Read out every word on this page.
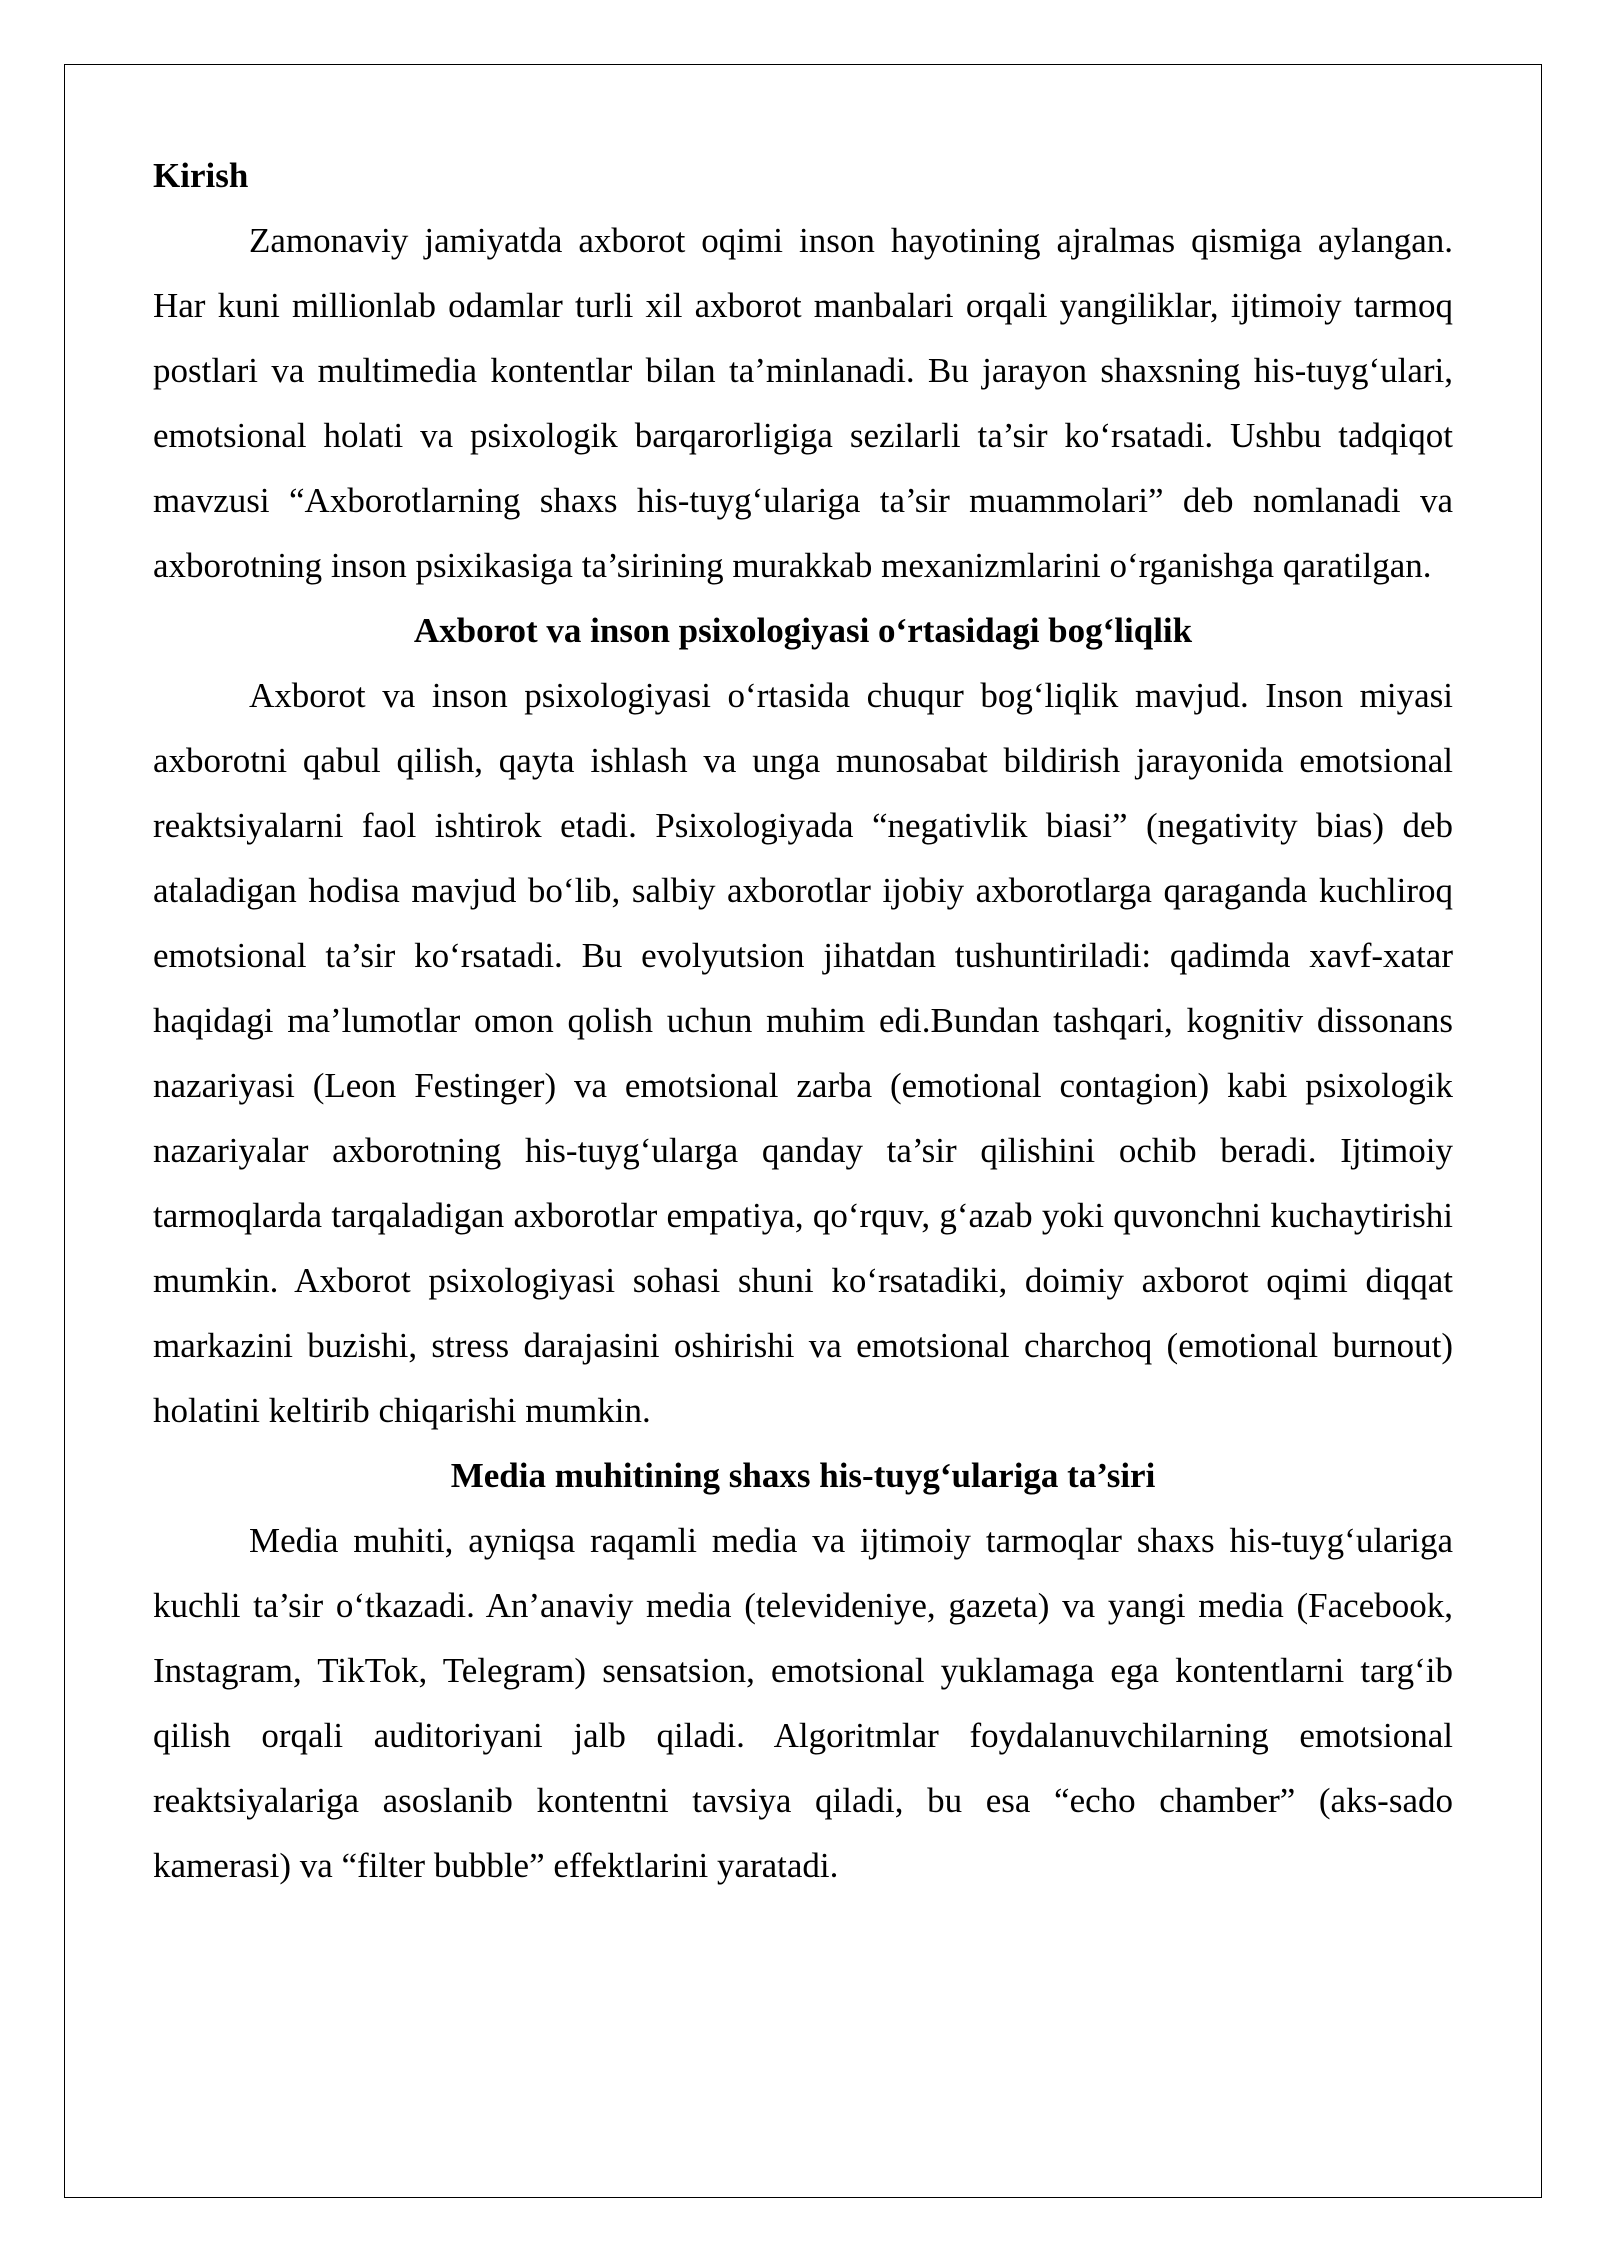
Kirish

Zamonaviy jamiyatda axborot oqimi inson hayotining ajralmas qismiga aylangan. Har kuni millionlab odamlar turli xil axborot manbalari orqali yangiliklar, ijtimoiy tarmoq postlari va multimedia kontentlar bilan ta’minlanadi. Bu jarayon shaxsning his-tuyg‘ulari, emotsional holati va psixologik barqarorligiga sezilarli ta’sir ko‘rsatadi. Ushbu tadqiqot mavzusi “Axborotlarning shaxs his-tuyg‘ulariga ta’sir muammolari” deb nomlanadi va axborotning inson psixikasiga ta’sirining murakkab mexanizmlarini o‘rganishga qaratilgan.

Axborot va inson psixologiyasi o‘rtasidagi bog‘liqlik

Axborot va inson psixologiyasi o‘rtasida chuqur bog‘liqlik mavjud. Inson miyasi axborotni qabul qilish, qayta ishlash va unga munosabat bildirish jarayonida emotsional reaktsiyalarni faol ishtirok etadi. Psixologiyada “negativlik biasi” (negativity bias) deb ataladigan hodisa mavjud bo‘lib, salbiy axborotlar ijobiy axborotlarga qaraganda kuchliroq emotsional ta’sir ko‘rsatadi. Bu evolyutsion jihatdan tushuntiriladi: qadimda xavf-xatar haqidagi ma’lumotlar omon qolish uchun muhim edi.Bundan tashqari, kognitiv dissonans nazariyasi (Leon Festinger) va emotsional zarba (emotional contagion) kabi psixologik nazariyalar axborotning his-tuyg‘ularga qanday ta’sir qilishini ochib beradi. Ijtimoiy tarmoqlarda tarqaladigan axborotlar empatiya, qo‘rquv, g‘azab yoki quvonchni kuchaytirishi mumkin. Axborot psixologiyasi sohasi shuni ko‘rsatadiki, doimiy axborot oqimi diqqat markazini buzishi, stress darajasini oshirishi va emotsional charchoq (emotional burnout) holatini keltirib chiqarishi mumkin.

Media muhitining shaxs his-tuyg‘ulariga ta’siri

Media muhiti, ayniqsa raqamli media va ijtimoiy tarmoqlar shaxs his-tuyg‘ulariga kuchli ta’sir o‘tkazadi. An’anaviy media (televideniye, gazeta) va yangi media (Facebook, Instagram, TikTok, Telegram) sensatsion, emotsional yuklamaga ega kontentlarni targ‘ib qilish orqali auditoriyani jalb qiladi. Algoritmlar foydalanuvchilarning emotsional reaktsiyalariga asoslanib kontentni tavsiya qiladi, bu esa “echo chamber” (aks-sado kamerasi) va “filter bubble” effektlarini yaratadi.
